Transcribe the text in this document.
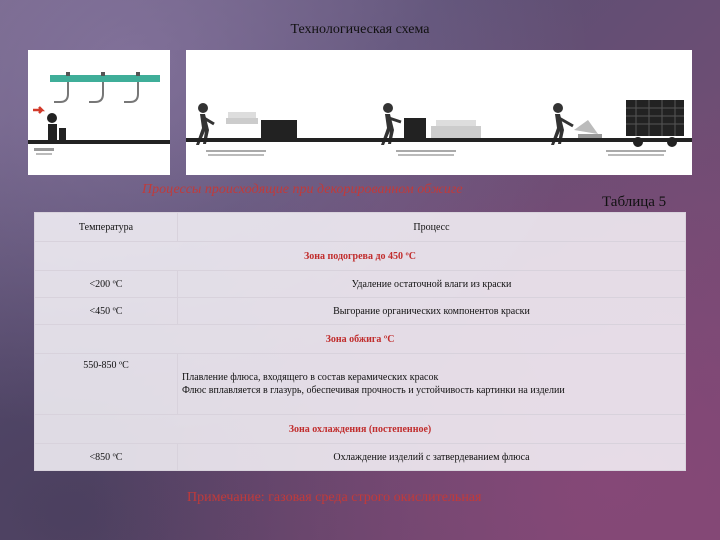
Технологическая схема
Процессы происходящие при декорированном обжиге
Таблица 5
Температура	Процесс
Зона подогрева до 450 ºС	
<200 ºС	Удаление остаточной влаги из краски
<450 ºС	Выгорание органических компонентов краски
Зона обжига ºС	
550-850 ºС	Плавление флюса, входящего в состав керамических красок
Флюс вплавляется в глазурь, обеспечивая прочность и устойчивость картинки на изделии

Зона охлаждения (постепенное)	
<850 ºС	Охлаждение изделий с затвердеванием флюса
Примечание: газовая среда строго окислительная
